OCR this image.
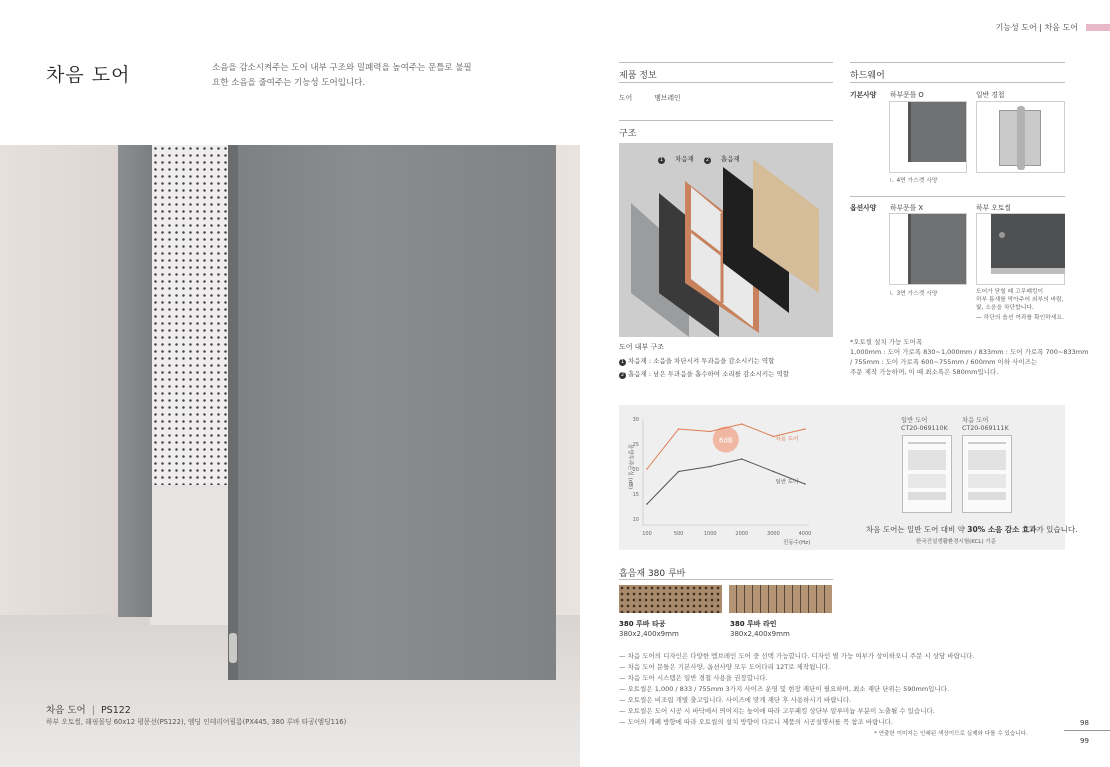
기능성 도어 | 차음 도어
차음 도어	소음을 감소시켜주는 도어 내부 구조와 밀폐력을 높여주는 문틀로 불필요한 소음을 줄여주는 기능성 도어입니다.
차음 도어 | PS122
하부 오토씰, 래핑몰딩 60x12 평문선(PS122), 엠딩 인테리어필름(PX445, 380 루바 타공(엠딩116)
제품 정보
도어	멤브레인
구조
1 차음재 2 흡음재
도어 내부 구조
1 차음재 : 소음을 차단시켜 투과음을 감소시키는 역할
2 흡음재 : 남은 투과음을 흡수하여 소리를 감소시키는 역할
하드웨어
기본사양 하부문틀 O	일반 경첩
ㄴ 4면 가스켓 사양
옵션사양 하부문틀 X	하부 오토씰
ㄴ 3면 가스켓 사양	도어가 닫힐 때 고무패킹이
하부 틈새를 막아주어 외부의 바람,
빛, 소음을 차단합니다.
— 하단의 옵션 여과를 확인하세요.
*오토씰 설치 가능 도어폭
1,000mm : 도어 가로폭 830~1,000mm / 833mm : 도어 가로폭 700~833mm
/ 755mm : 도어 가로폭 600~755mm / 600mm 이하 사이즈는
주문 제작 가능하며, 이 때 최소폭은 580mm입니다.
음향투과손실 (dB)
진동수(Hz)
10
15
20
25
30
100	500	1000	2000	3000	4000
6dB	차음 도어
일반 도어
일반 도어
CT20-069110K
차음 도어
CT20-069111K
차음 도어는 일반 도어 대비 약 30% 소음 감소 효과가 있습니다.
한국건설생활환경시험(KCL) 기준
흡음재 380 루바
380 루바 타공
380x2,400x9mm
380 루바 라인
380x2,400x9mm
— 차음 도어의 디자인은 다양한 멤브레인 도어 중 선택 가능합니다. 디자인 별 가능 여부가 상이하오니 주문 시 상담 바랍니다.
— 차음 도어 문틀은 기본사양, 옵션사양 모두 도어다리 12T로 제작됩니다.
— 차음 도어 시스템은 일반 경첩 사용을 권장합니다.
— 오토씰은 1,000 / 833 / 755mm 3가지 사이즈 운영 및 현장 재단이 필요하며, 최소 재단 단위는 590mm입니다.
— 오토씰은 비조립 개별 출고입니다. 사이즈에 맞게 재단 후 사용하시기 바랍니다.
— 오토씰은 도어 시공 시 바닥에서 띄어지는 높이에 따라 고무패킹 상단부 알루미늄 부분이 노출될 수 있습니다.
— 도어의 개폐 방향에 따라 오토씰의 설치 방향이 다르니 제품의 시공설명서를 꼭 참조 바랍니다.
* 연출한 이미지는 인쇄된 색상이므로 실제와 다를 수 있습니다.
98
99
